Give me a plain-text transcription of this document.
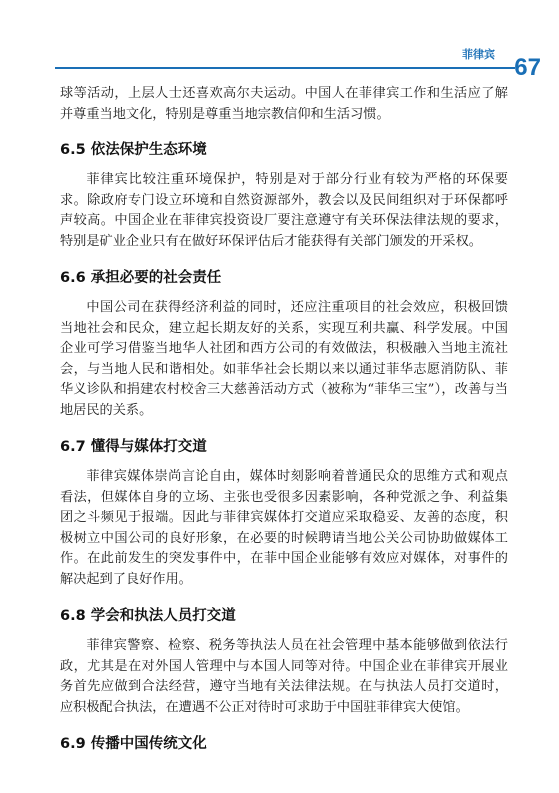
菲律宾 67

球等活动，上层人士还喜欢高尔夫运动。中国人在菲律宾工作和生活应了解并尊重当地文化，特别是尊重当地宗教信仰和生活习惯。

6.5 依法保护生态环境

菲律宾比较注重环境保护，特别是对于部分行业有较为严格的环保要求。除政府专门设立环境和自然资源部外，教会以及民间组织对于环保都呼声较高。中国企业在菲律宾投资设厂要注意遵守有关环保法律法规的要求，特别是矿业企业只有在做好环保评估后才能获得有关部门颁发的开采权。

6.6 承担必要的社会责任

中国公司在获得经济利益的同时，还应注重项目的社会效应，积极回馈当地社会和民众，建立起长期友好的关系，实现互利共赢、科学发展。中国企业可学习借鉴当地华人社团和西方公司的有效做法，积极融入当地主流社会，与当地人民和谐相处。如菲华社会长期以来以通过菲华志愿消防队、菲华义诊队和捐建农村校舍三大慈善活动方式（被称为“菲华三宝”），改善与当地居民的关系。

6.7 懂得与媒体打交道

菲律宾媒体崇尚言论自由，媒体时刻影响着普通民众的思维方式和观点看法，但媒体自身的立场、主张也受很多因素影响，各种党派之争、利益集团之斗频见于报端。因此与菲律宾媒体打交道应采取稳妥、友善的态度，积极树立中国公司的良好形象，在必要的时候聘请当地公关公司协助做媒体工作。在此前发生的突发事件中，在菲中国企业能够有效应对媒体，对事件的解决起到了良好作用。

6.8 学会和执法人员打交道

菲律宾警察、检察、税务等执法人员在社会管理中基本能够做到依法行政，尤其是在对外国人管理中与本国人同等对待。中国企业在菲律宾开展业务首先应做到合法经营，遵守当地有关法律法规。在与执法人员打交道时，应积极配合执法，在遭遇不公正对待时可求助于中国驻菲律宾大使馆。

6.9 传播中国传统文化
